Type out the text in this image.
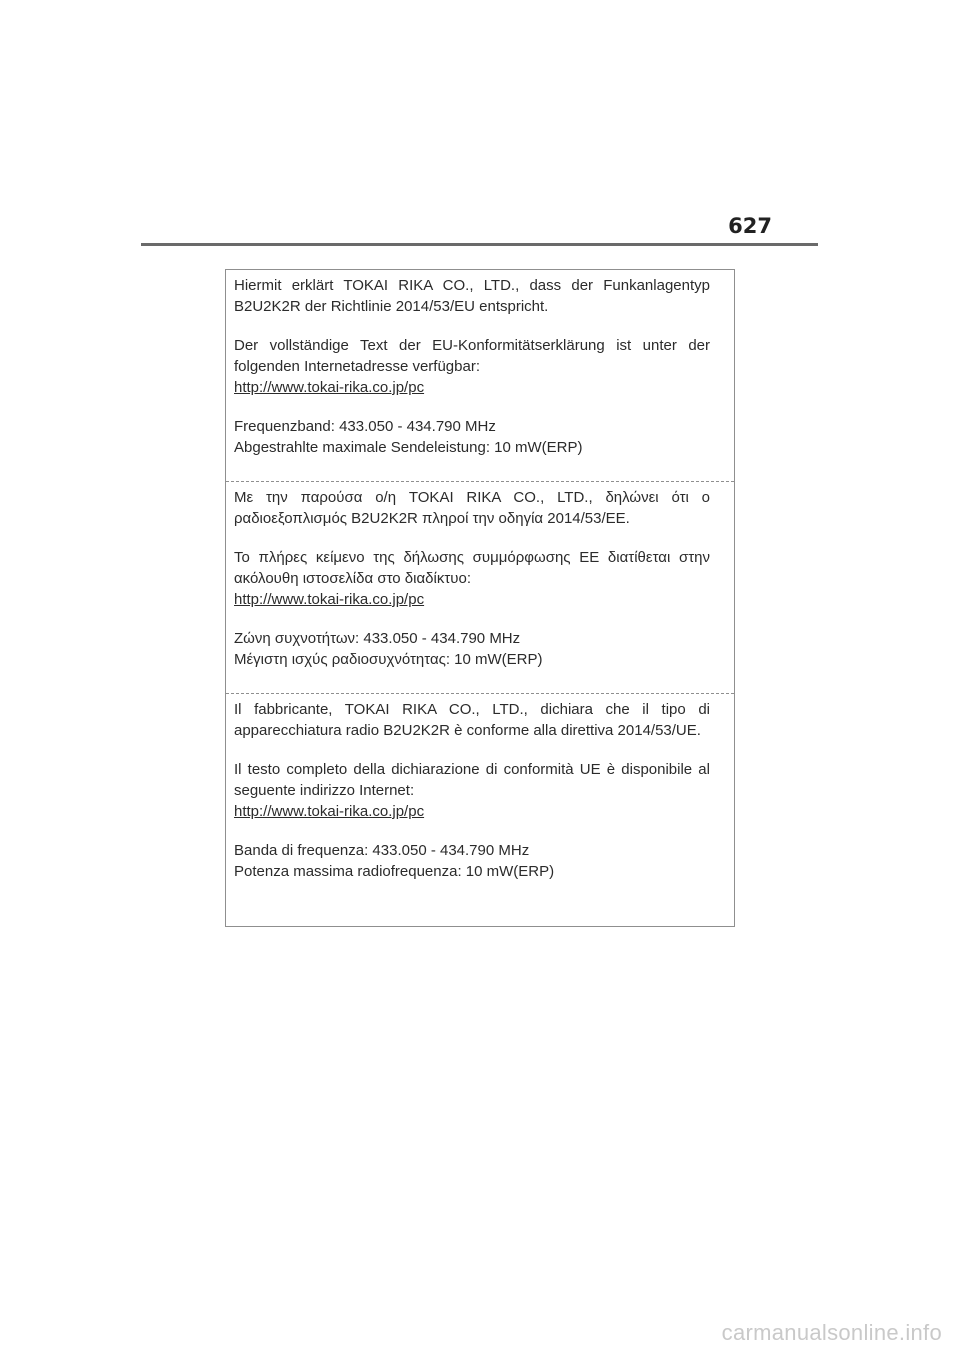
627

Hiermit erklärt TOKAI RIKA CO., LTD., dass der Funkanlagentyp B2U2K2R der Richtlinie 2014/53/EU entspricht.

Der vollständige Text der EU-Konformitätserklärung ist unter der folgenden Internetadresse verfügbar:
http://www.tokai-rika.co.jp/pc

Frequenzband: 433.050 - 434.790 MHz
Abgestrahlte maximale Sendeleistung: 10 mW(ERP)

Με την παρούσα ο/η TOKAI RIKA CO., LTD., δηλώνει ότι ο ραδιοεξοπλισμός B2U2K2R πληροί την οδηγία 2014/53/ΕΕ.

Το πλήρες κείμενο της δήλωσης συμμόρφωσης ΕΕ διατίθεται στην ακόλουθη ιστοσελίδα στο διαδίκτυο:
http://www.tokai-rika.co.jp/pc

Ζώνη συχνοτήτων: 433.050 - 434.790 MHz
Μέγιστη ισχύς ραδιοσυχνότητας: 10 mW(ERP)

Il fabbricante, TOKAI RIKA CO., LTD., dichiara che il tipo di apparecchiatura radio B2U2K2R è conforme alla direttiva 2014/53/UE.

Il testo completo della dichiarazione di conformità UE è disponibile al seguente indirizzo Internet:
http://www.tokai-rika.co.jp/pc

Banda di frequenza: 433.050 - 434.790 MHz
Potenza massima radiofrequenza: 10 mW(ERP)

carmanualsonline.info
